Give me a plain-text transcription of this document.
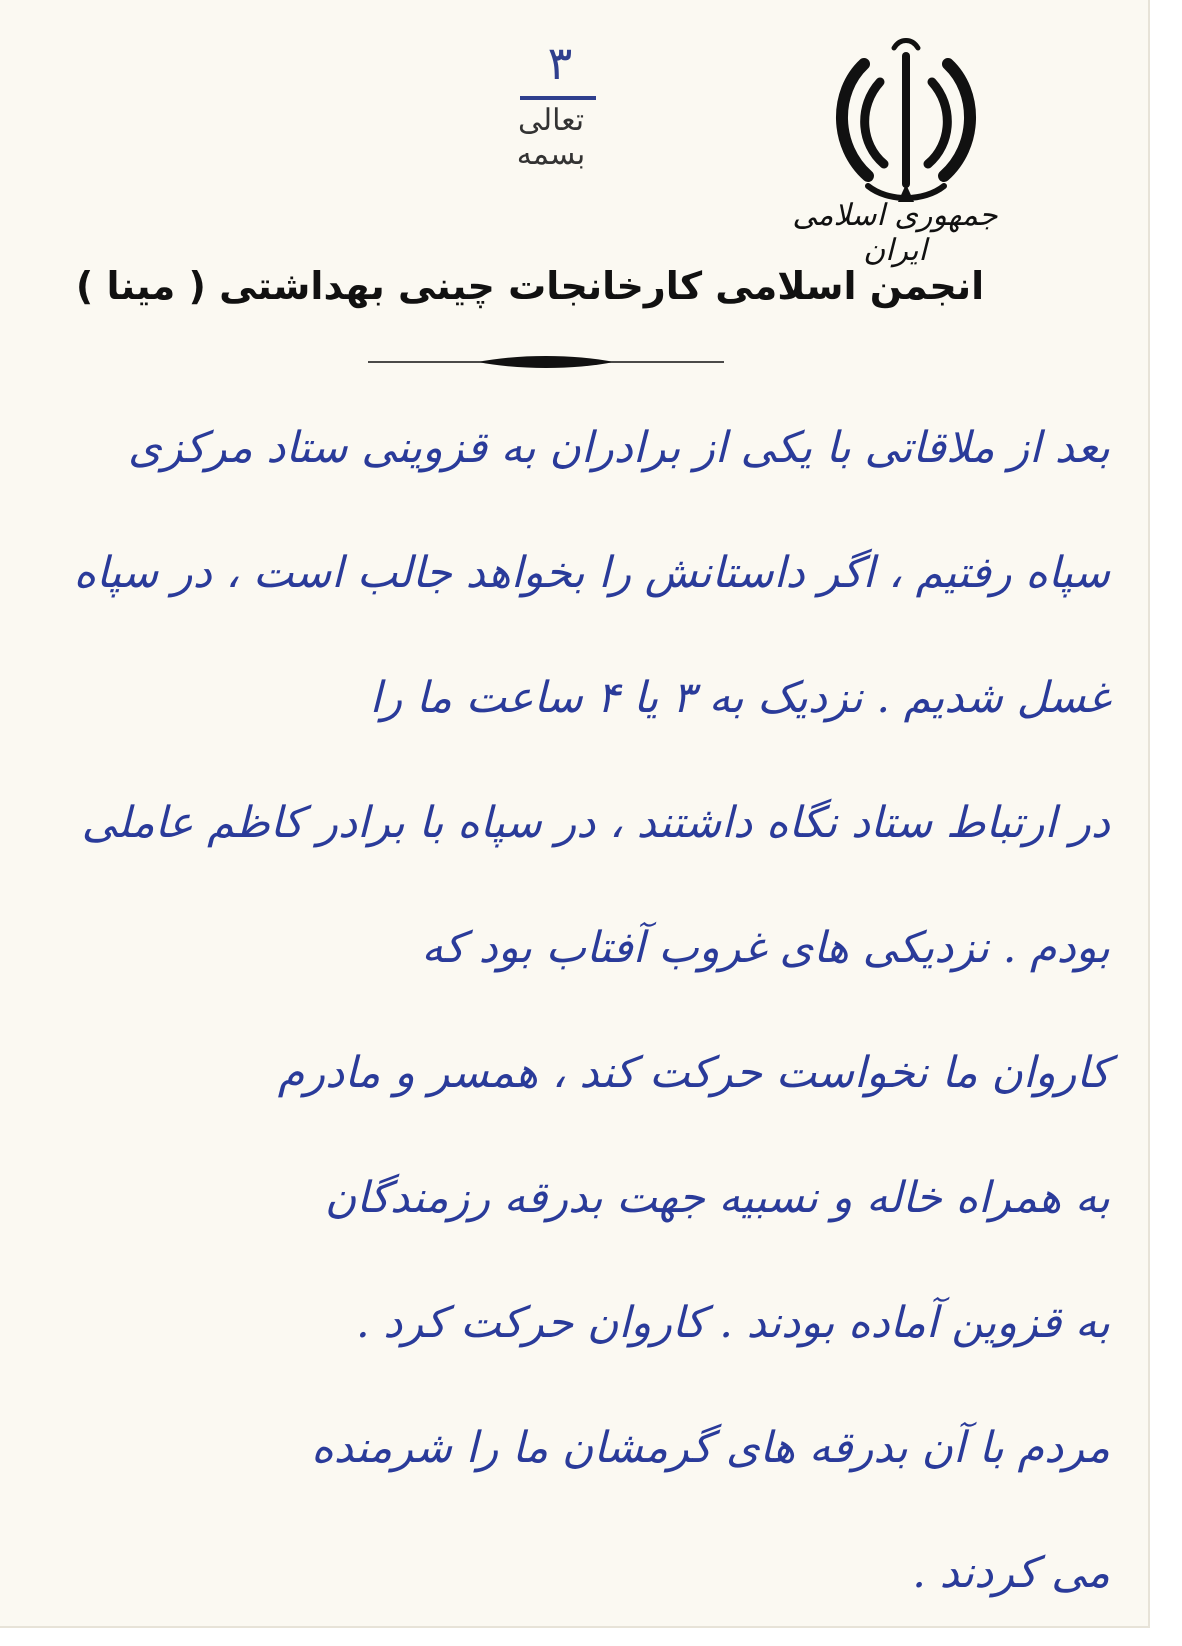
جمهوری اسلامی ایران
۳
تعالی
بسمه
انجمن اسلامی کارخانجات چینی بهداشتی ( مینا )
بعد از ملاقاتی با یکی از برادران به قزوینی ستاد مرکزی
سپاه رفتیم ، اگر داستانش را بخواهد جالب است ، در سپاه
غسل شدیم . نزدیک به ۳ یا ۴ ساعت ما را
در ارتباط ستاد نگاه داشتند ، در سپاه با برادر کاظم عاملی
بودم . نزدیکی های غروب آفتاب بود که
کاروان ما نخواست حرکت کند ، همسر و مادرم
به همراه خاله و نسبیه جهت بدرقه رزمندگان
به قزوین آماده بودند . کاروان حرکت کرد .
مردم با آن بدرقه های گرمشان ما را شرمنده
می کردند .
